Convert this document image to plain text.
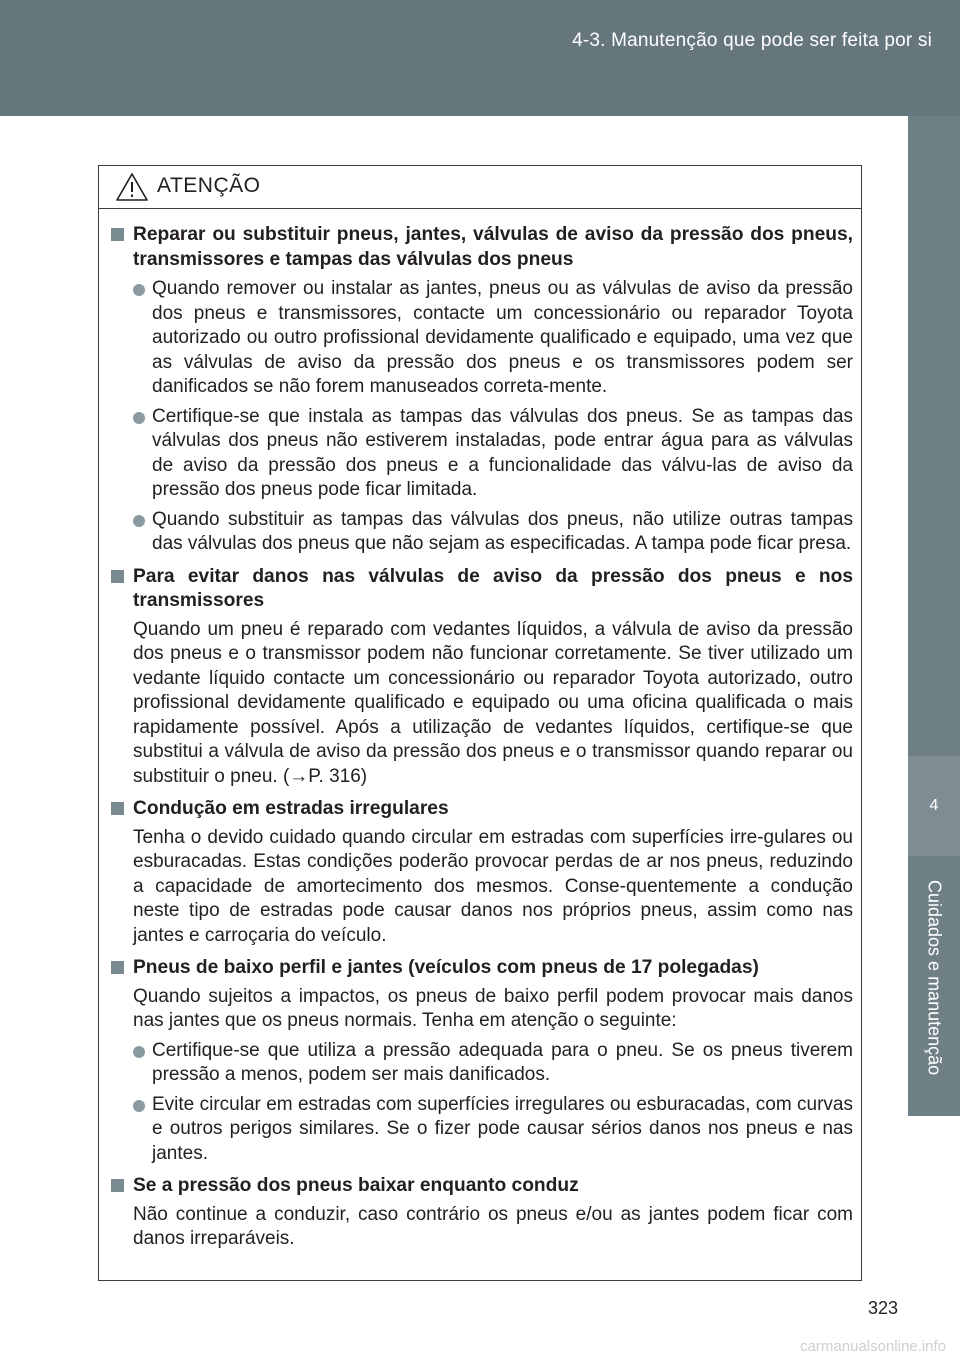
4-3. Manutenção que pode ser feita por si
4
Cuidados e manutenção
ATENÇÃO
Reparar ou substituir pneus, jantes, válvulas de aviso da pressão dos pneus, transmissores e tampas das válvulas dos pneus
Quando remover ou instalar as jantes, pneus ou as válvulas de aviso da pressão dos pneus e transmissores, contacte um concessionário ou reparador Toyota autorizado ou outro profissional devidamente qualificado e equipado, uma vez que as válvulas de aviso da pressão dos pneus e os transmissores podem ser danificados se não forem manuseados correta-mente.
Certifique-se que instala as tampas das válvulas dos pneus. Se as tampas das válvulas dos pneus não estiverem instaladas, pode entrar água para as válvulas de aviso da pressão dos pneus e a funcionalidade das válvu-las de aviso da pressão dos pneus pode ficar limitada.
Quando substituir as tampas das válvulas dos pneus, não utilize outras tampas das válvulas dos pneus que não sejam as especificadas. A tampa pode ficar presa.
Para evitar danos nas válvulas de aviso da pressão dos pneus e nos transmissores
Quando um pneu é reparado com vedantes líquidos, a válvula de aviso da pressão dos pneus e o transmissor podem não funcionar corretamente. Se tiver utilizado um vedante líquido contacte um concessionário ou reparador Toyota autorizado, outro profissional devidamente qualificado e equipado ou uma oficina qualificada o mais rapidamente possível. Após a utilização de vedantes líquidos, certifique-se que substitui a válvula de aviso da pressão dos pneus e o transmissor quando reparar ou substituir o pneu. (→P. 316)
Condução em estradas irregulares
Tenha o devido cuidado quando circular em estradas com superfícies irre-gulares ou esburacadas. Estas condições poderão provocar perdas de ar nos pneus, reduzindo a capacidade de amortecimento dos mesmos. Conse-quentemente a condução neste tipo de estradas pode causar danos nos próprios pneus, assim como nas jantes e carroçaria do veículo.
Pneus de baixo perfil e jantes (veículos com pneus de 17 polegadas)
Quando sujeitos a impactos, os pneus de baixo perfil podem provocar mais danos nas jantes que os pneus normais. Tenha em atenção o seguinte:
Certifique-se que utiliza a pressão adequada para o pneu. Se os pneus tiverem pressão a menos, podem ser mais danificados.
Evite circular em estradas com superfícies irregulares ou esburacadas, com curvas e outros perigos similares. Se o fizer pode causar sérios danos nos pneus e nas jantes.
Se a pressão dos pneus baixar enquanto conduz
Não continue a conduzir, caso contrário os pneus e/ou as jantes podem ficar com danos irreparáveis.
323
carmanualsonline.info
